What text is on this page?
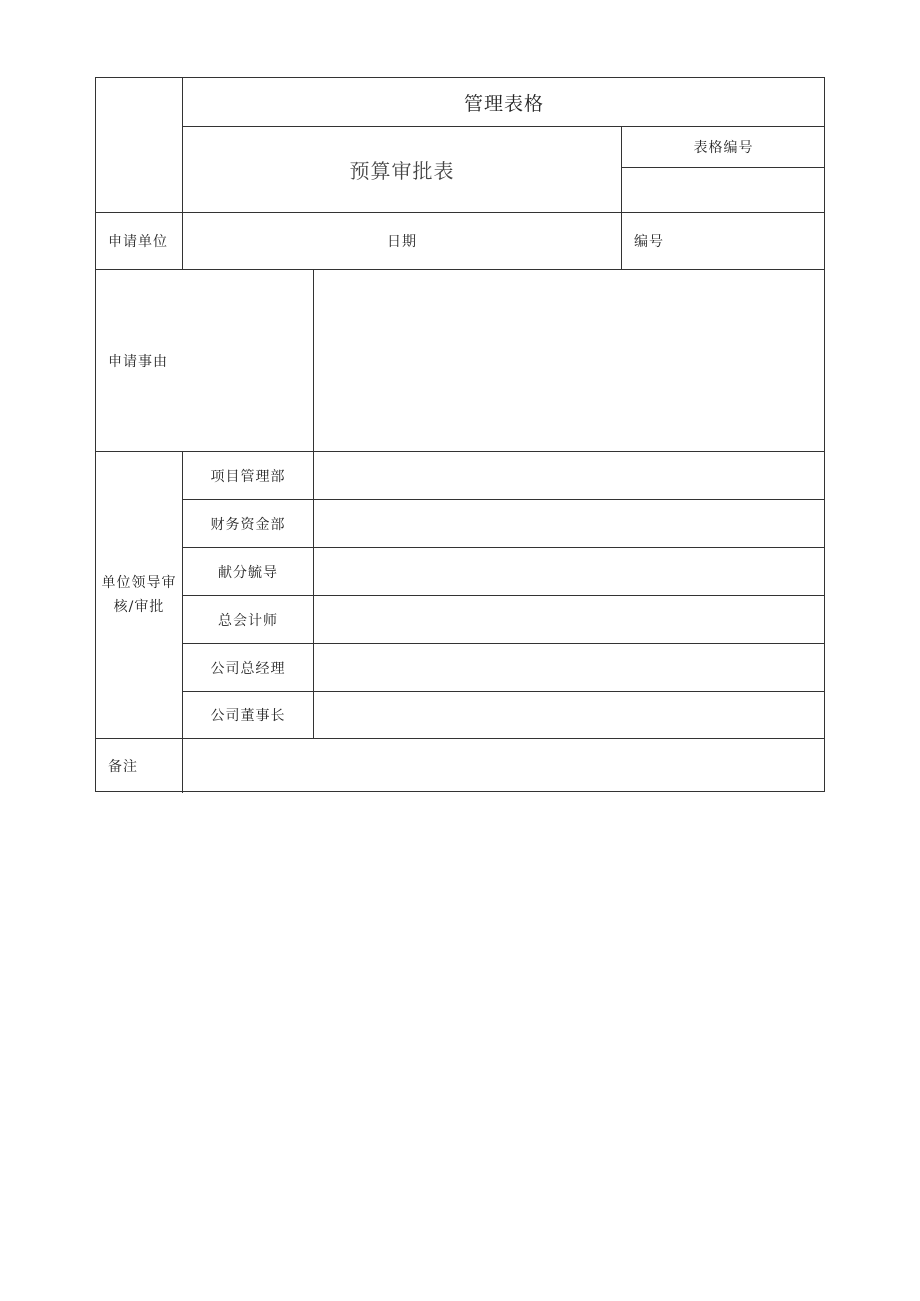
管理表格
预算审批表
表格编号
申请单位	日期	编号
申请事由
单位领导审核/审批
项目管理部
财务资金部
献分毓导
总会计师
公司总经理
公司董事长
备注
